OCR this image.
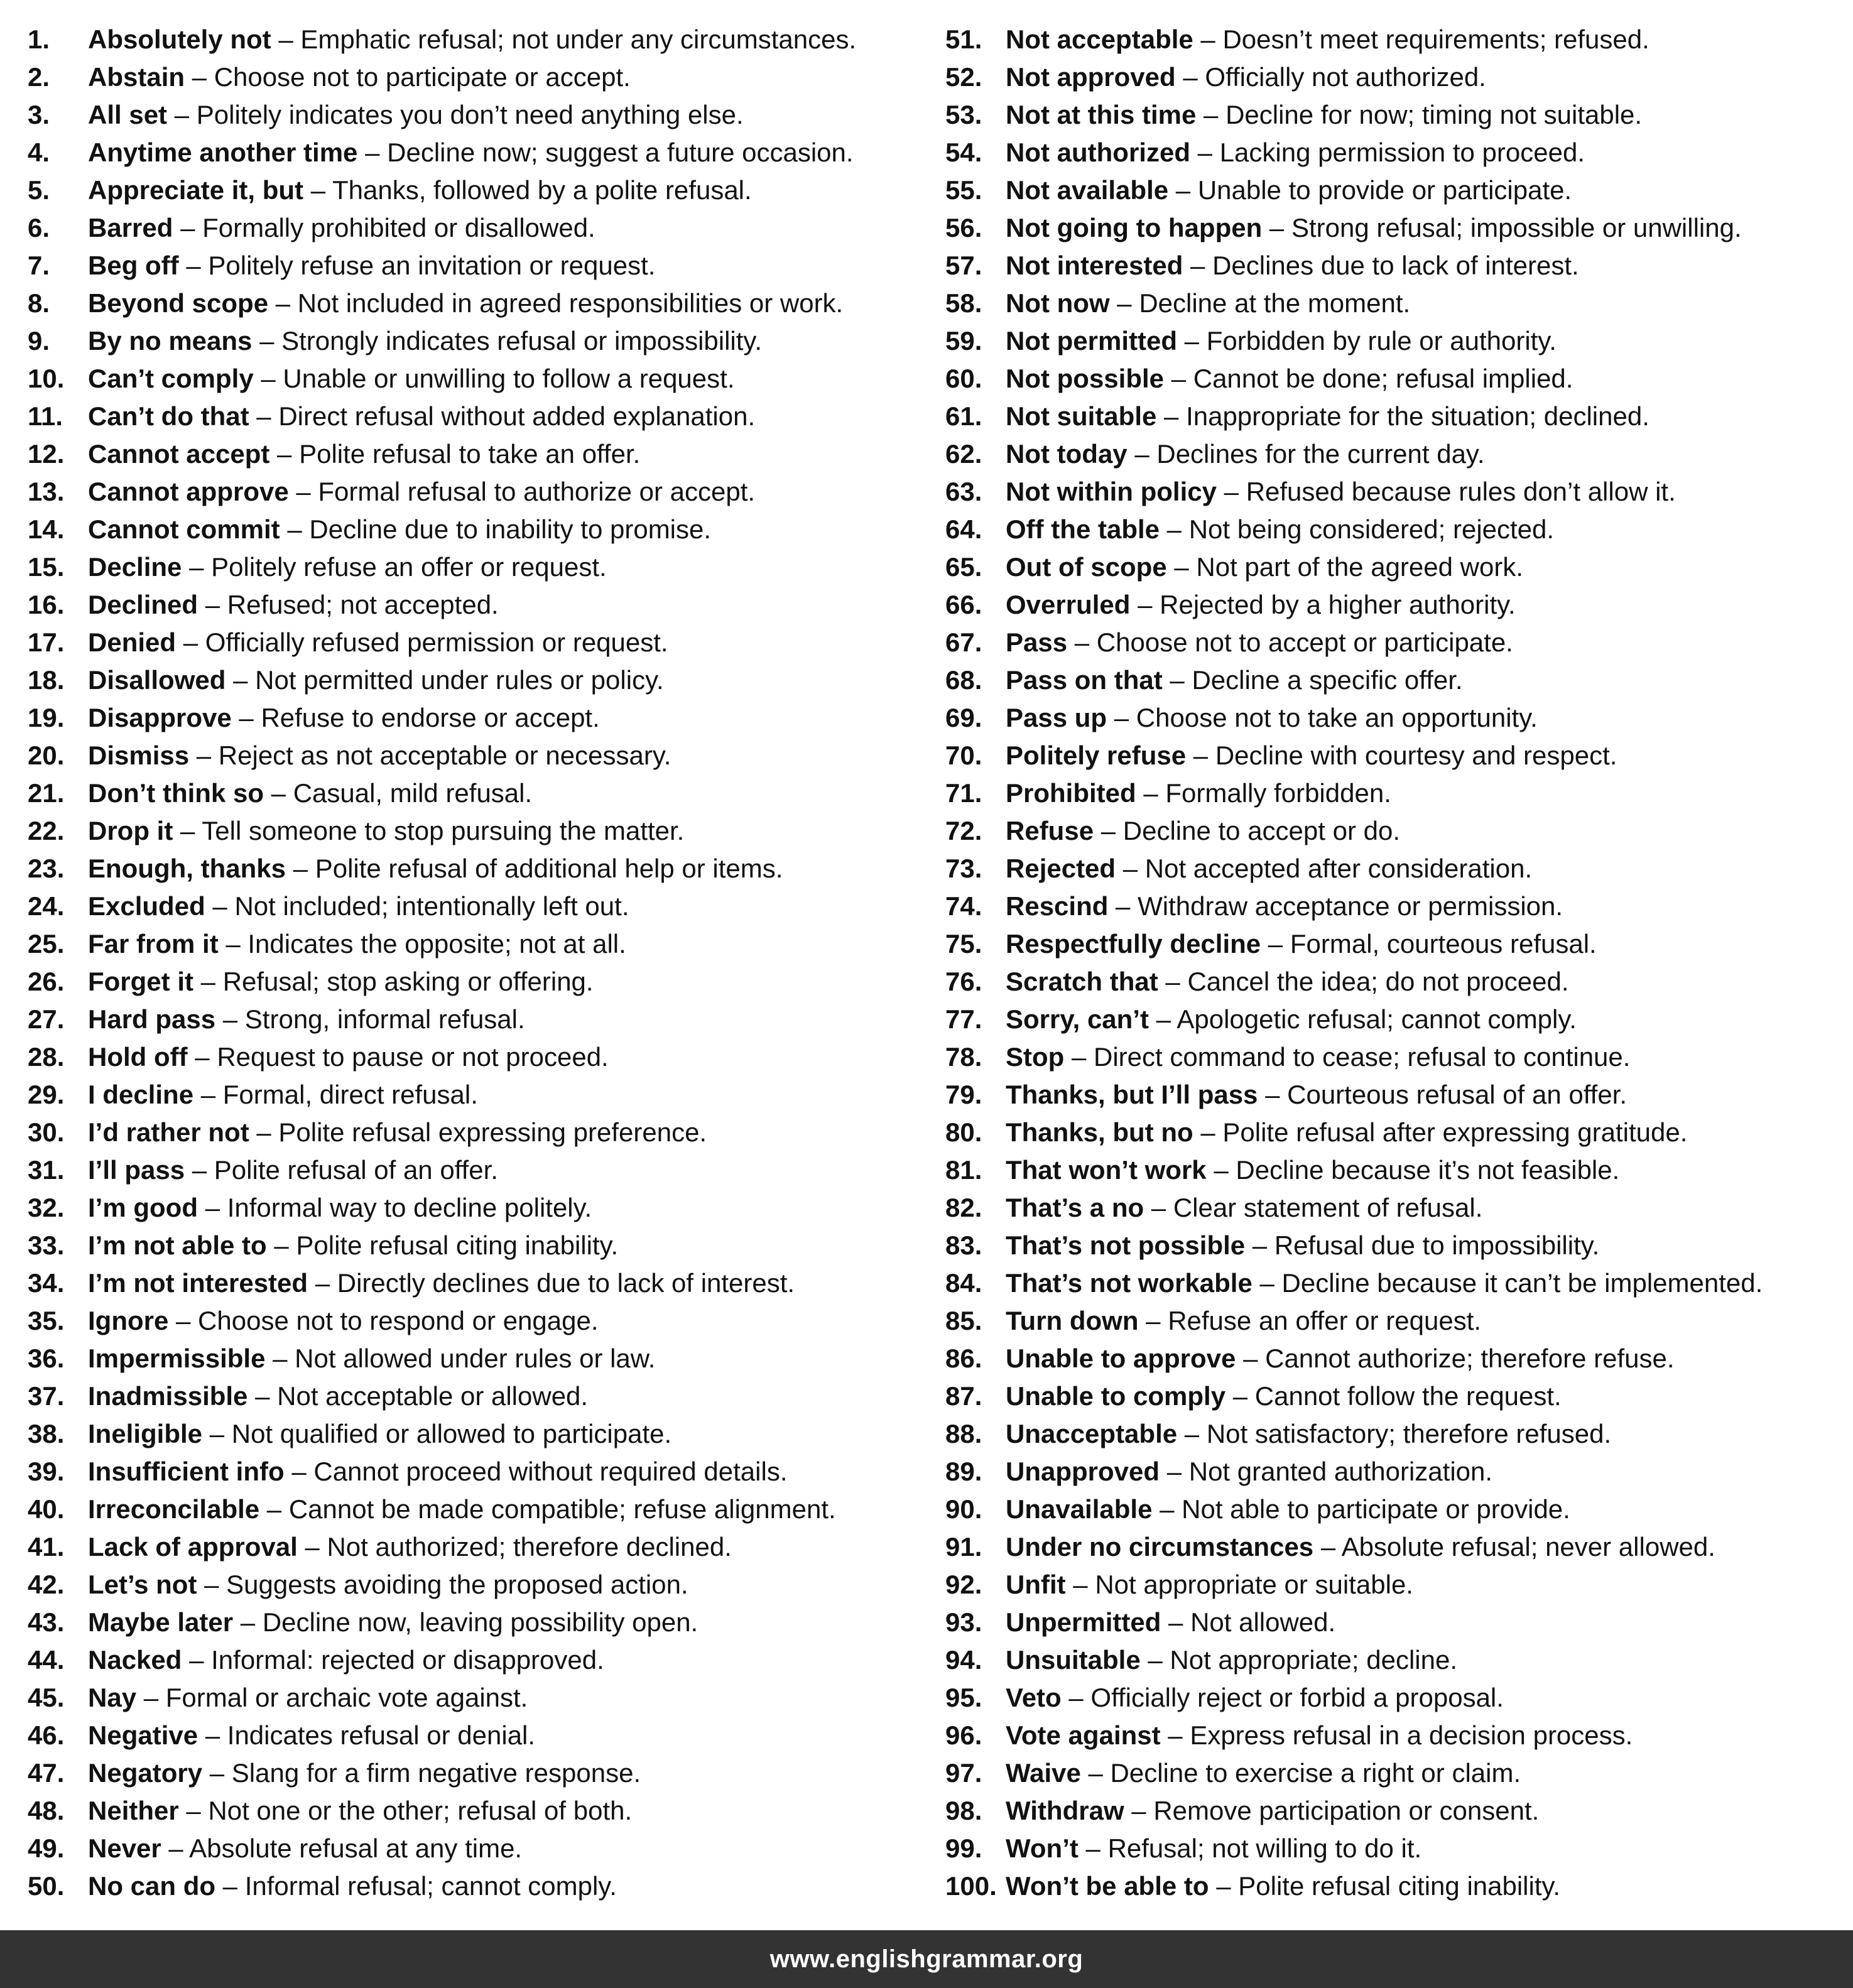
1.	Absolutely not – Emphatic refusal; not under any circumstances.
2.	Abstain – Choose not to participate or accept.
3.	All set – Politely indicates you don’t need anything else.
4.	Anytime another time – Decline now; suggest a future occasion.
5.	Appreciate it, but – Thanks, followed by a polite refusal.
6.	Barred – Formally prohibited or disallowed.
7.	Beg off – Politely refuse an invitation or request.
8.	Beyond scope – Not included in agreed responsibilities or work.
9.	By no means – Strongly indicates refusal or impossibility.
10. Can’t comply – Unable or unwilling to follow a request.
11. Can’t do that – Direct refusal without added explanation.
12. Cannot accept – Polite refusal to take an offer.
13. Cannot approve – Formal refusal to authorize or accept.
14. Cannot commit – Decline due to inability to promise.
15. Decline – Politely refuse an offer or request.
16. Declined – Refused; not accepted.
17. Denied – Officially refused permission or request.
18. Disallowed – Not permitted under rules or policy.
19. Disapprove – Refuse to endorse or accept.
20. Dismiss – Reject as not acceptable or necessary.
21. Don’t think so – Casual, mild refusal.
22. Drop it – Tell someone to stop pursuing the matter.
23. Enough, thanks – Polite refusal of additional help or items.
24. Excluded – Not included; intentionally left out.
25. Far from it – Indicates the opposite; not at all.
26. Forget it – Refusal; stop asking or offering.
27. Hard pass – Strong, informal refusal.
28. Hold off – Request to pause or not proceed.
29. I decline – Formal, direct refusal.
30. I’d rather not – Polite refusal expressing preference.
31. I’ll pass – Polite refusal of an offer.
32. I’m good – Informal way to decline politely.
33. I’m not able to – Polite refusal citing inability.
34. I’m not interested – Directly declines due to lack of interest.
35. Ignore – Choose not to respond or engage.
36. Impermissible – Not allowed under rules or law.
37. Inadmissible – Not acceptable or allowed.
38. Ineligible – Not qualified or allowed to participate.
39. Insufficient info – Cannot proceed without required details.
40. Irreconcilable – Cannot be made compatible; refuse alignment.
41. Lack of approval – Not authorized; therefore declined.
42. Let’s not – Suggests avoiding the proposed action.
43. Maybe later – Decline now, leaving possibility open.
44. Nacked – Informal: rejected or disapproved.
45. Nay – Formal or archaic vote against.
46. Negative – Indicates refusal or denial.
47. Negatory – Slang for a firm negative response.
48. Neither – Not one or the other; refusal of both.
49. Never – Absolute refusal at any time.
50. No can do – Informal refusal; cannot comply.
51. Not acceptable – Doesn’t meet requirements; refused.
52. Not approved – Officially not authorized.
53. Not at this time – Decline for now; timing not suitable.
54. Not authorized – Lacking permission to proceed.
55. Not available – Unable to provide or participate.
56. Not going to happen – Strong refusal; impossible or unwilling.
57. Not interested – Declines due to lack of interest.
58. Not now – Decline at the moment.
59. Not permitted – Forbidden by rule or authority.
60. Not possible – Cannot be done; refusal implied.
61. Not suitable – Inappropriate for the situation; declined.
62. Not today – Declines for the current day.
63. Not within policy – Refused because rules don’t allow it.
64. Off the table – Not being considered; rejected.
65. Out of scope – Not part of the agreed work.
66. Overruled – Rejected by a higher authority.
67. Pass – Choose not to accept or participate.
68. Pass on that – Decline a specific offer.
69. Pass up – Choose not to take an opportunity.
70. Politely refuse – Decline with courtesy and respect.
71. Prohibited – Formally forbidden.
72. Refuse – Decline to accept or do.
73. Rejected – Not accepted after consideration.
74. Rescind – Withdraw acceptance or permission.
75. Respectfully decline – Formal, courteous refusal.
76. Scratch that – Cancel the idea; do not proceed.
77. Sorry, can’t – Apologetic refusal; cannot comply.
78. Stop – Direct command to cease; refusal to continue.
79. Thanks, but I’ll pass – Courteous refusal of an offer.
80. Thanks, but no – Polite refusal after expressing gratitude.
81. That won’t work – Decline because it’s not feasible.
82. That’s a no – Clear statement of refusal.
83. That’s not possible – Refusal due to impossibility.
84. That’s not workable – Decline because it can’t be implemented.
85. Turn down – Refuse an offer or request.
86. Unable to approve – Cannot authorize; therefore refuse.
87. Unable to comply – Cannot follow the request.
88. Unacceptable – Not satisfactory; therefore refused.
89. Unapproved – Not granted authorization.
90. Unavailable – Not able to participate or provide.
91. Under no circumstances – Absolute refusal; never allowed.
92. Unfit – Not appropriate or suitable.
93. Unpermitted – Not allowed.
94. Unsuitable – Not appropriate; decline.
95. Veto – Officially reject or forbid a proposal.
96. Vote against – Express refusal in a decision process.
97. Waive – Decline to exercise a right or claim.
98. Withdraw – Remove participation or consent.
99. Won’t – Refusal; not willing to do it.
100. Won’t be able to – Polite refusal citing inability.
www.englishgrammar.org
